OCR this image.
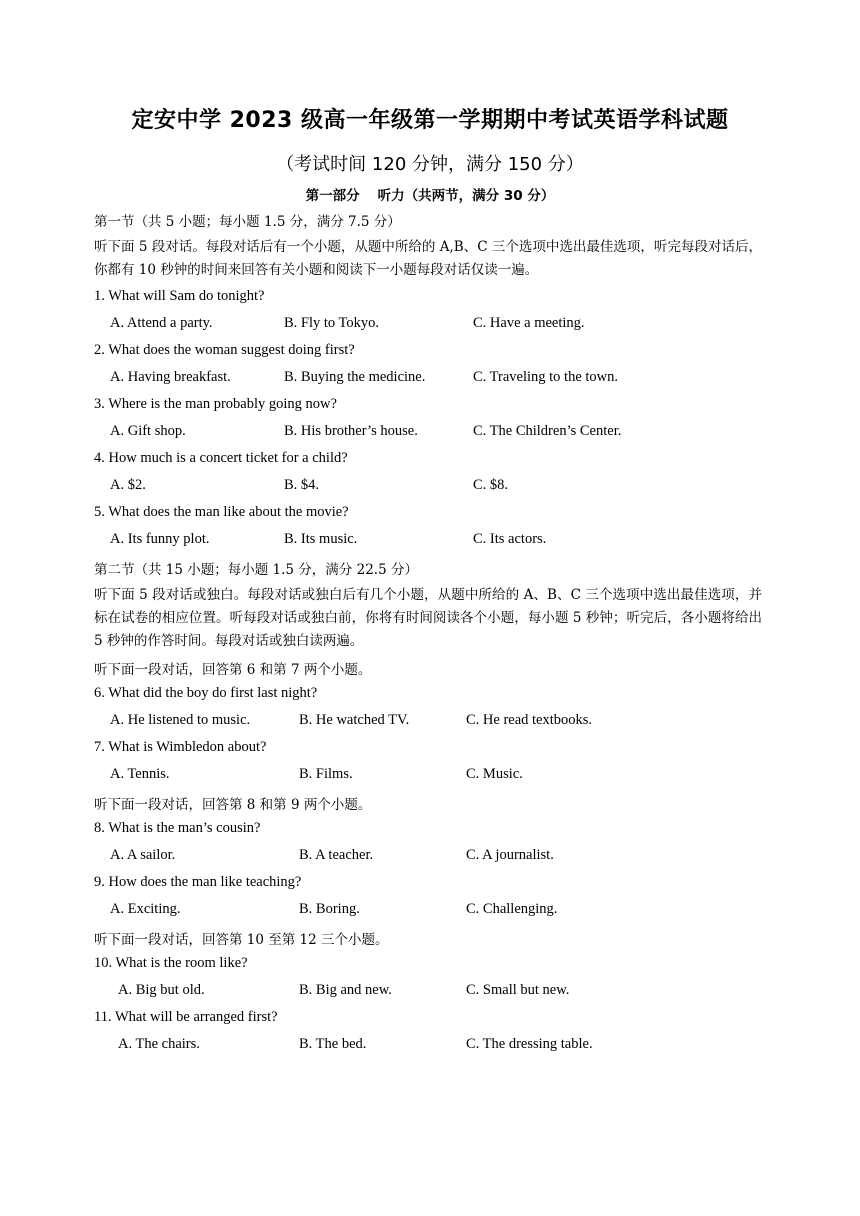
定安中学 2023 级高一年级第一学期期中考试英语学科试题
（考试时间 120 分钟，满分 150 分）
第一部分 听力（共两节，满分 30 分）
第一节（共 5 小题；每小题 1.5 分，满分 7.5 分）
听下面 5 段对话。每段对话后有一个小题，从题中所给的 A,B、C 三个选项中选出最佳选项，听完每段对话后，你都有 10 秒钟的时间来回答有关小题和阅读下一小题每段对话仅读一遍。
1. What will Sam do tonight?
A. Attend a party.	B. Fly to Tokyo.	C. Have a meeting.
2. What does the woman suggest doing first?
A. Having breakfast.	B. Buying the medicine.	C. Traveling to the town.
3. Where is the man probably going now?
A. Gift shop.	B. His brother’s house.	C. The Children’s Center.
4. How much is a concert ticket for a child?
A. $2.	B. $4.	C. $8.
5. What does the man like about the movie?
A. Its funny plot.	B. Its music.	C. Its actors.
第二节（共 15 小题；每小题 1.5 分，满分 22.5 分）
听下面 5 段对话或独白。每段对话或独白后有几个小题，从题中所给的 A、B、C 三个选项中选出最佳选项，并标在试卷的相应位置。听每段对话或独白前，你将有时间阅读各个小题，每小题 5 秒钟；听完后，各小题将给出 5 秒钟的作答时间。每段对话或独白读两遍。
听下面一段对话，回答第 6 和第 7 两个小题。
6. What did the boy do first last night?
A. He listened to music.	B. He watched TV.	C. He read textbooks.
7. What is Wimbledon about?
A. Tennis.	B. Films.	C. Music.
听下面一段对话，回答第 8 和第 9 两个小题。
8. What is the man’s cousin?
A. A sailor.	B. A teacher.	C. A journalist.
9. How does the man like teaching?
A. Exciting.	B. Boring.	C. Challenging.
听下面一段对话，回答第 10 至第 12 三个小题。
10. What is the room like?
A. Big but old.	B. Big and new.	C. Small but new.
11. What will be arranged first?
A. The chairs.	B. The bed.	C. The dressing table.
